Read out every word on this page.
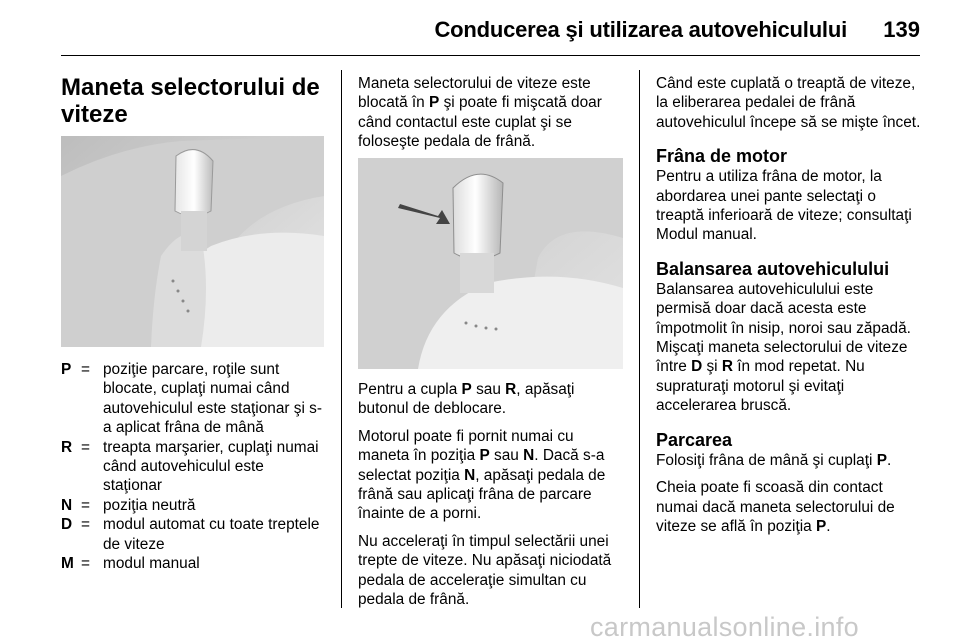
Conducerea şi utilizarea autovehiculului 139
Maneta selectorului de viteze
P = poziţie parcare, roţile sunt blocate, cuplaţi numai când autovehiculul este staţionar şi s-a aplicat frâna de mână
R = treapta marşarier, cuplaţi numai când autovehiculul este staţionar
N = poziţia neutră
D = modul automat cu toate treptele de viteze
M = modul manual

Maneta selectorului de viteze este blocată în P şi poate fi mişcată doar când contactul este cuplat şi se foloseşte pedala de frână.

Pentru a cupla P sau R, apăsaţi butonul de deblocare.

Motorul poate fi pornit numai cu maneta în poziţia P sau N. Dacă s-a selectat poziţia N, apăsaţi pedala de frână sau aplicaţi frâna de parcare înainte de a porni.

Nu acceleraţi în timpul selectării unei trepte de viteze. Nu apăsaţi niciodată pedala de acceleraţie simultan cu pedala de frână.

Când este cuplată o treaptă de viteze, la eliberarea pedalei de frână autovehiculul începe să se mişte încet.

Frâna de motor

Pentru a utiliza frâna de motor, la abordarea unei pante selectaţi o treaptă inferioară de viteze; consultaţi Modul manual.

Balansarea autovehiculului

Balansarea autovehiculului este permisă doar dacă acesta este împotmolit în nisip, noroi sau zăpadă. Mişcaţi maneta selectorului de viteze între D şi R în mod repetat. Nu supraturaţi motorul şi evitaţi accelerarea bruscă.

Parcarea

Folosiţi frâna de mână şi cuplaţi P.

Cheia poate fi scoasă din contact numai dacă maneta selectorului de viteze se află în poziţia P.

carmanualsonline.info
